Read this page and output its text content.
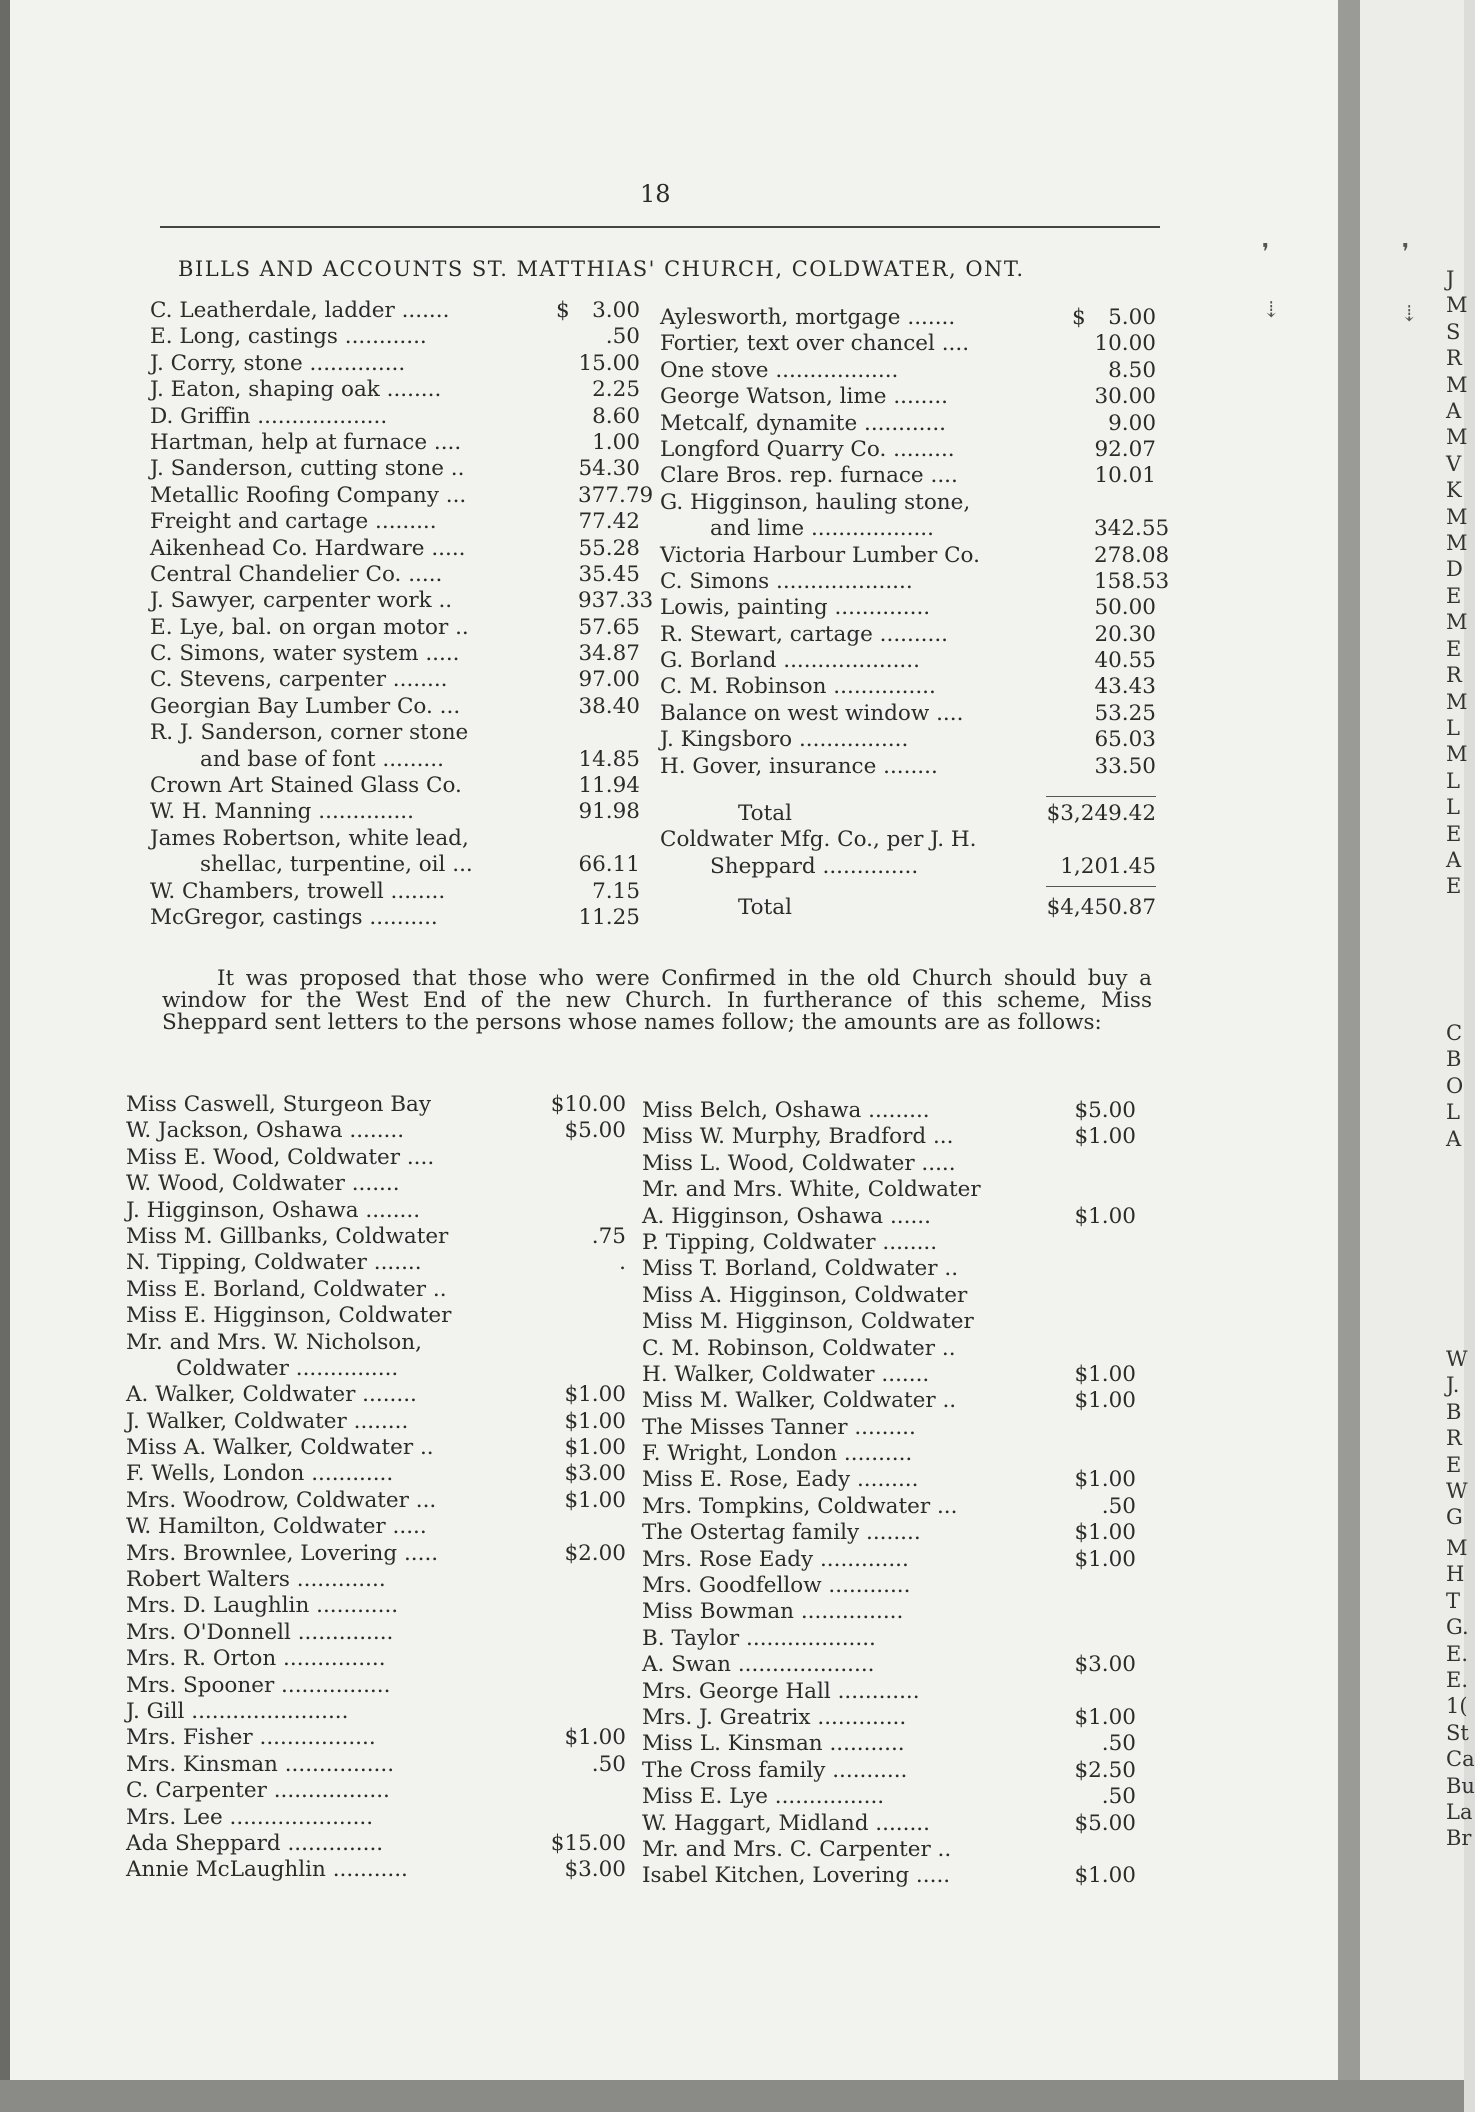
18
BILLS AND ACCOUNTS ST. MATTHIAS' CHURCH, COLDWATER, ONT.
C. Leatherdale, ladder .......	$	3.00
E. Long, castings ............	.50
J. Corry, stone ..............	15.00
J. Eaton, shaping oak ........	2.25
D. Griffin ...................	8.60
Hartman, help at furnace ....	1.00
J. Sanderson, cutting stone ..	54.30
Metallic Roofing Company ...	377.79
Freight and cartage .........	77.42
Aikenhead Co. Hardware .....	55.28
Central Chandelier Co. .....	35.45
J. Sawyer, carpenter work ..	937.33
E. Lye, bal. on organ motor ..	57.65
C. Simons, water system .....	34.87
C. Stevens, carpenter ........	97.00
Georgian Bay Lumber Co. ...	38.40
R. J. Sanderson, corner stone
and base of font .........	14.85
Crown Art Stained Glass Co.	11.94
W. H. Manning ..............	91.98
James Robertson, white lead,
shellac, turpentine, oil ...	66.11
W. Chambers, trowell ........	7.15
McGregor, castings ..........	11.25
Aylesworth, mortgage .......	$	5.00
Fortier, text over chancel ....	10.00
One stove ..................	8.50
George Watson, lime ........	30.00
Metcalf, dynamite ............	9.00
Longford Quarry Co. .........	92.07
Clare Bros. rep. furnace ....	10.01
G. Higginson, hauling stone,
and lime ..................	342.55
Victoria Harbour Lumber Co.	278.08
C. Simons ....................	158.53
Lowis, painting ..............	50.00
R. Stewart, cartage ..........	20.30
G. Borland ....................	40.55
C. M. Robinson ...............	43.43
Balance on west window ....	53.25
J. Kingsboro ................	65.03
H. Gover, insurance ........	33.50
Total	$3,249.42
Coldwater Mfg. Co., per J. H.
Sheppard ..............	1,201.45
Total	$4,450.87

It was proposed that those who were Confirmed in the old Church should buy a window for the West End of the new Church. In furtherance of this scheme, Miss Sheppard sent letters to the persons whose names follow; the amounts are as follows:

Miss Caswell, Sturgeon Bay	$10.00
W. Jackson, Oshawa ........	$5.00
Miss E. Wood, Coldwater ....
W. Wood, Coldwater .......
J. Higginson, Oshawa ........
Miss M. Gillbanks, Coldwater	.75
N. Tipping, Coldwater .......	.
Miss E. Borland, Coldwater ..
Miss E. Higginson, Coldwater
Mr. and Mrs. W. Nicholson,
Coldwater ...............
A. Walker, Coldwater ........	$1.00
J. Walker, Coldwater ........	$1.00
Miss A. Walker, Coldwater ..	$1.00
F. Wells, London ............	$3.00
Mrs. Woodrow, Coldwater ...	$1.00
W. Hamilton, Coldwater .....
Mrs. Brownlee, Lovering .....	$2.00
Robert Walters .............
Mrs. D. Laughlin ............
Mrs. O'Donnell ..............
Mrs. R. Orton ...............
Mrs. Spooner ................
J. Gill .......................
Mrs. Fisher .................	$1.00
Mrs. Kinsman ................	.50
C. Carpenter .................
Mrs. Lee .....................
Ada Sheppard ..............	$15.00
Annie McLaughlin ...........	$3.00
Miss Belch, Oshawa .........	$5.00
Miss W. Murphy, Bradford ...	$1.00
Miss L. Wood, Coldwater .....
Mr. and Mrs. White, Coldwater
A. Higginson, Oshawa ......	$1.00
P. Tipping, Coldwater ........
Miss T. Borland, Coldwater ..
Miss A. Higginson, Coldwater
Miss M. Higginson, Coldwater
C. M. Robinson, Coldwater ..
H. Walker, Coldwater .......	$1.00
Miss M. Walker, Coldwater ..	$1.00
The Misses Tanner .........
F. Wright, London ..........
Miss E. Rose, Eady .........	$1.00
Mrs. Tompkins, Coldwater ...	.50
The Ostertag family ........	$1.00
Mrs. Rose Eady .............	$1.00
Mrs. Goodfellow ............
Miss Bowman ...............
B. Taylor ...................
A. Swan ....................	$3.00
Mrs. George Hall ............
Mrs. J. Greatrix .............	$1.00
Miss L. Kinsman ...........	.50
The Cross family ...........	$2.50
Miss E. Lye ................	.50
W. Haggart, Midland ........	$5.00
Mr. and Mrs. C. Carpenter ..
Isabel Kitchen, Lovering .....	$1.00
J
M
S
R
M
A
M
V
K
M
M
D
E
M
E
R
M
L
M
L
L
E
A
E
C
B
O
L
A
W
J.
B
R
E
W
G
M
H
T
G.
E.
E.
1(
St
Ca
Bu
La
Br
❜	❜
⇣	⇣
